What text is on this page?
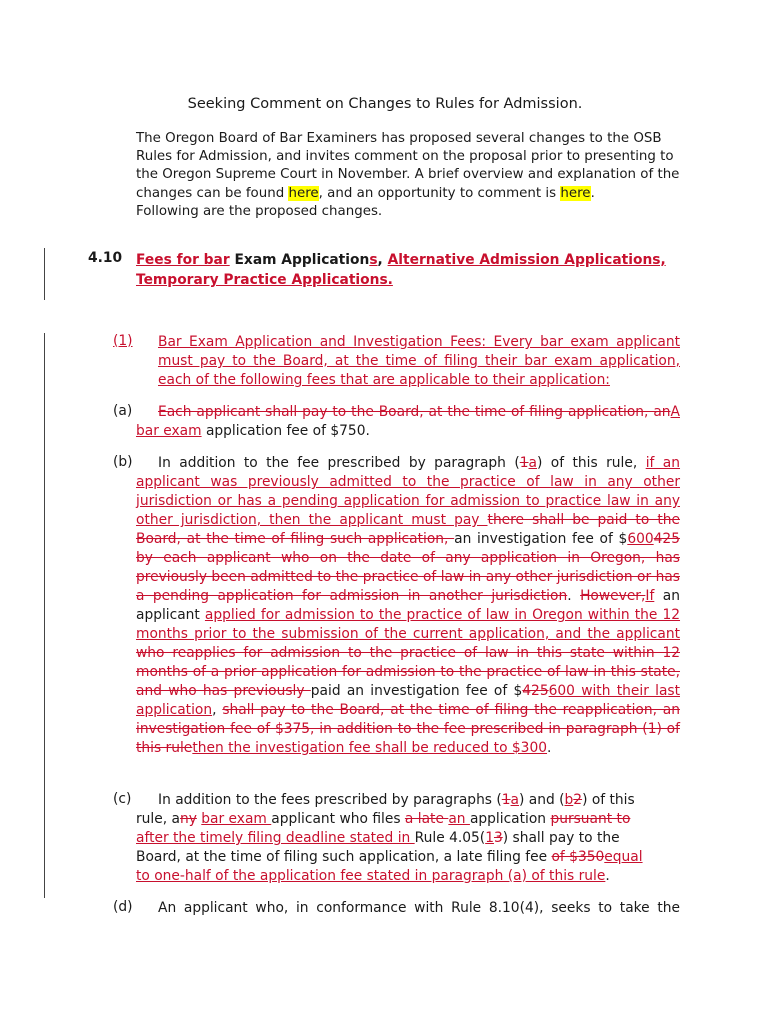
Seeking Comment on Changes to Rules for Admission.

The Oregon Board of Bar Examiners has proposed several changes to the OSB Rules for Admission, and invites comment on the proposal prior to presenting to the Oregon Supreme Court in November. A brief overview and explanation of the changes can be found here, and an opportunity to comment is here.

Following are the proposed changes.

4.10 Fees for bar Exam Applications, Alternative Admission Applications, Temporary Practice Applications.
(1) Bar Exam Application and Investigation Fees: Every bar exam applicant must pay to the Board, at the time of filing their bar exam application, each of the following fees that are applicable to their application:
(a)	Each applicant shall pay to the Board, at the time of filing application, anA bar exam application fee of $750.
(b)	In addition to the fee prescribed by paragraph (1a) of this rule, if an applicant was previously admitted to the practice of law in any other jurisdiction or has a pending application for admission to practice law in any other jurisdiction, then the applicant must pay there shall be paid to the Board, at the time of filing such application, an investigation fee of $600425 by each applicant who on the date of any application in Oregon, has previously been admitted to the practice of law in any other jurisdiction or has a pending application for admission in another jurisdiction. However,If an applicant applied for admission to the practice of law in Oregon within the 12 months prior to the submission of the current application, and the applicant who reapplies for admission to the practice of law in this state within 12 months of a prior application for admission to the practice of law in this state, and who has previously paid an investigation fee of $425600 with their last application, shall pay to the Board, at the time of filing the reapplication, an investigation fee of $375, in addition to the fee prescribed in paragraph (1) of this rulethen the investigation fee shall be reduced to $300.
(c)	In addition to the fees prescribed by paragraphs (1a) and (b2) of this rule, any bar exam applicant who files a late an application pursuant to after the timely filing deadline stated in Rule 4.05(13) shall pay to the Board, at the time of filing such application, a late filing fee of $350equal to one-half of the application fee stated in paragraph (a) of this rule.
(d)	An applicant who, in conformance with Rule 8.10(4), seeks to take the
